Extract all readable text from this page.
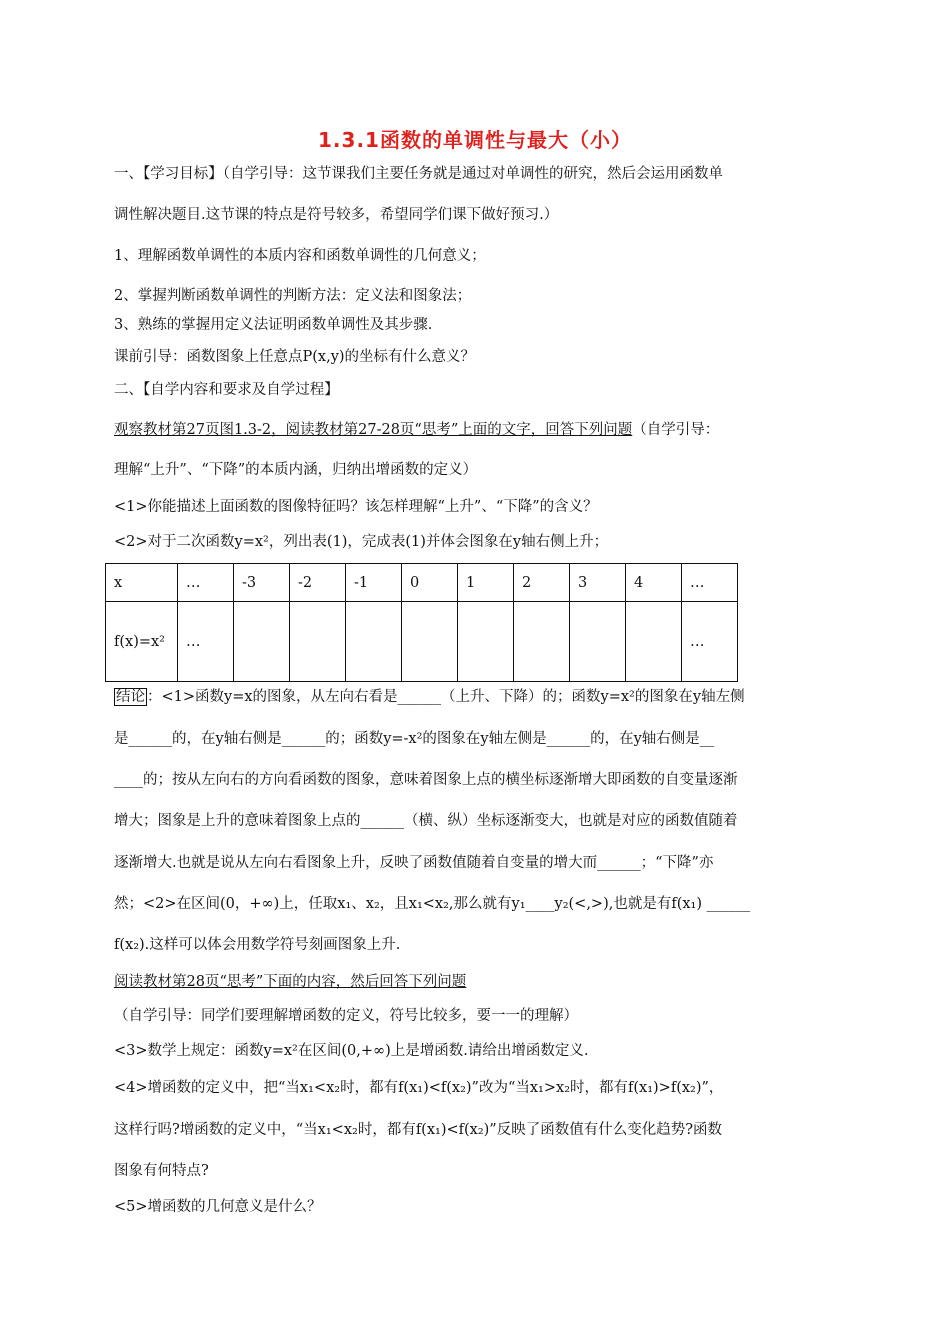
1.3.1函数的单调性与最大（小）
一、【学习目标】（自学引导：这节课我们主要任务就是通过对单调性的研究，然后会运用函数单
调性解决题目.这节课的特点是符号较多，希望同学们课下做好预习.）
1、理解函数单调性的本质内容和函数单调性的几何意义；
2、掌握判断函数单调性的判断方法：定义法和图象法；
3、熟练的掌握用定义法证明函数单调性及其步骤.
课前引导：函数图象上任意点P(x,y)的坐标有什么意义？
二、【自学内容和要求及自学过程】
观察教材第27页图1.3-2，阅读教材第27-28页“思考”上面的文字，回答下列问题（自学引导：
理解“上升”、“下降”的本质内涵，归纳出增函数的定义）
<1>你能描述上面函数的图像特征吗？该怎样理解“上升”、“下降”的含义？
<2>对于二次函数y=x²，列出表(1)，完成表(1)并体会图象在y轴右侧上升；
x	…	-3	-2	-1	0	1	2	3	4	…

f(x)=x²	…									…
结论 ：<1>函数y=x的图象，从左向右看是______（上升、下降）的；函数y=x²的图象在y轴左侧
是______的，在y轴右侧是______的；函数y=-x²的图象在y轴左侧是______的，在y轴右侧是__
____的；按从左向右的方向看函数的图象，意味着图象上点的横坐标逐渐增大即函数的自变量逐渐
增大；图象是上升的意味着图象上点的______（横、纵）坐标逐渐变大，也就是对应的函数值随着
逐渐增大.也就是说从左向右看图象上升，反映了函数值随着自变量的增大而______；“下降”亦
然；<2>在区间(0，+∞)上，任取x₁、x₂，且x₁<x₂,那么就有y₁____y₂(<,>),也就是有f(x₁) ______
f(x₂).这样可以体会用数学符号刻画图象上升.
阅读教材第28页“思考”下面的内容，然后回答下列问题
（自学引导：同学们要理解增函数的定义，符号比较多，要一一的理解）
<3>数学上规定：函数y=x²在区间(0,+∞)上是增函数.请给出增函数定义.
<4>增函数的定义中，把“当x₁<x₂时，都有f(x₁)<f(x₂)”改为“当x₁>x₂时，都有f(x₁)>f(x₂)”，
这样行吗?增函数的定义中，“当x₁<x₂时，都有f(x₁)<f(x₂)”反映了函数值有什么变化趋势?函数
图象有何特点?
<5>增函数的几何意义是什么？
